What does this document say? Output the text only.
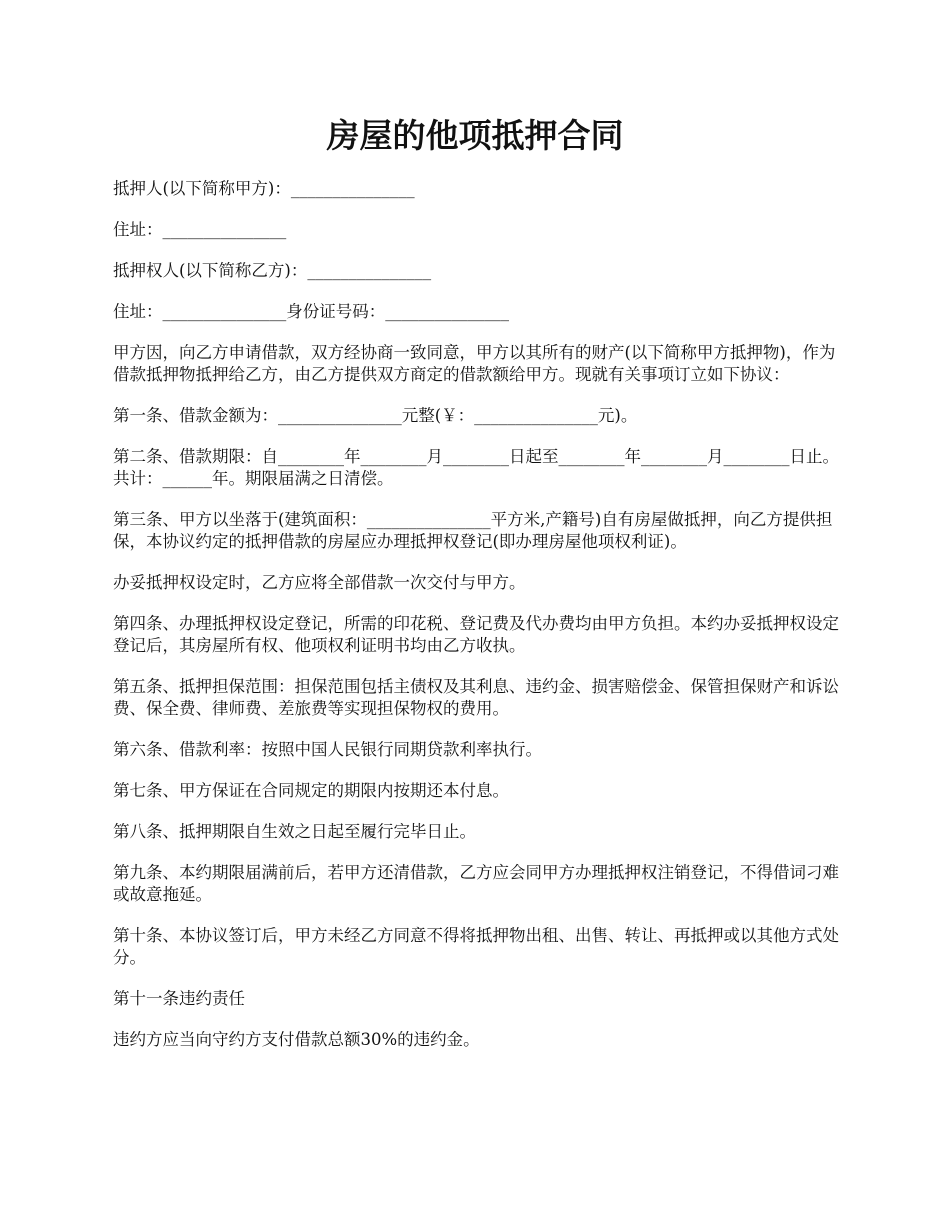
房屋的他项抵押合同

抵押人(以下简称甲方)：_______________

住址：_______________

抵押权人(以下简称乙方)：_______________

住址：_______________身份证号码：_______________

甲方因，向乙方申请借款，双方经协商一致同意，甲方以其所有的财产(以下简称甲方抵押物)，作为借款抵押物抵押给乙方，由乙方提供双方商定的借款额给甲方。现就有关事项订立如下协议：

第一条、借款金额为：_______________元整(￥：_______________元)。

第二条、借款期限：自________年________月________日起至________年________月________日止。共计：______年。期限届满之日清偿。

第三条、甲方以坐落于(建筑面积：_______________平方米,产籍号)自有房屋做抵押，向乙方提供担保，本协议约定的抵押借款的房屋应办理抵押权登记(即办理房屋他项权利证)。

办妥抵押权设定时，乙方应将全部借款一次交付与甲方。

第四条、办理抵押权设定登记，所需的印花税、登记费及代办费均由甲方负担。本约办妥抵押权设定登记后，其房屋所有权、他项权利证明书均由乙方收执。

第五条、抵押担保范围：担保范围包括主债权及其利息、违约金、损害赔偿金、保管担保财产和诉讼费、保全费、律师费、差旅费等实现担保物权的费用。

第六条、借款利率：按照中国人民银行同期贷款利率执行。

第七条、甲方保证在合同规定的期限内按期还本付息。

第八条、抵押期限自生效之日起至履行完毕日止。

第九条、本约期限届满前后，若甲方还清借款，乙方应会同甲方办理抵押权注销登记，不得借词刁难或故意拖延。

第十条、本协议签订后，甲方未经乙方同意不得将抵押物出租、出售、转让、再抵押或以其他方式处分。

第十一条违约责任

违约方应当向守约方支付借款总额30%的违约金。
